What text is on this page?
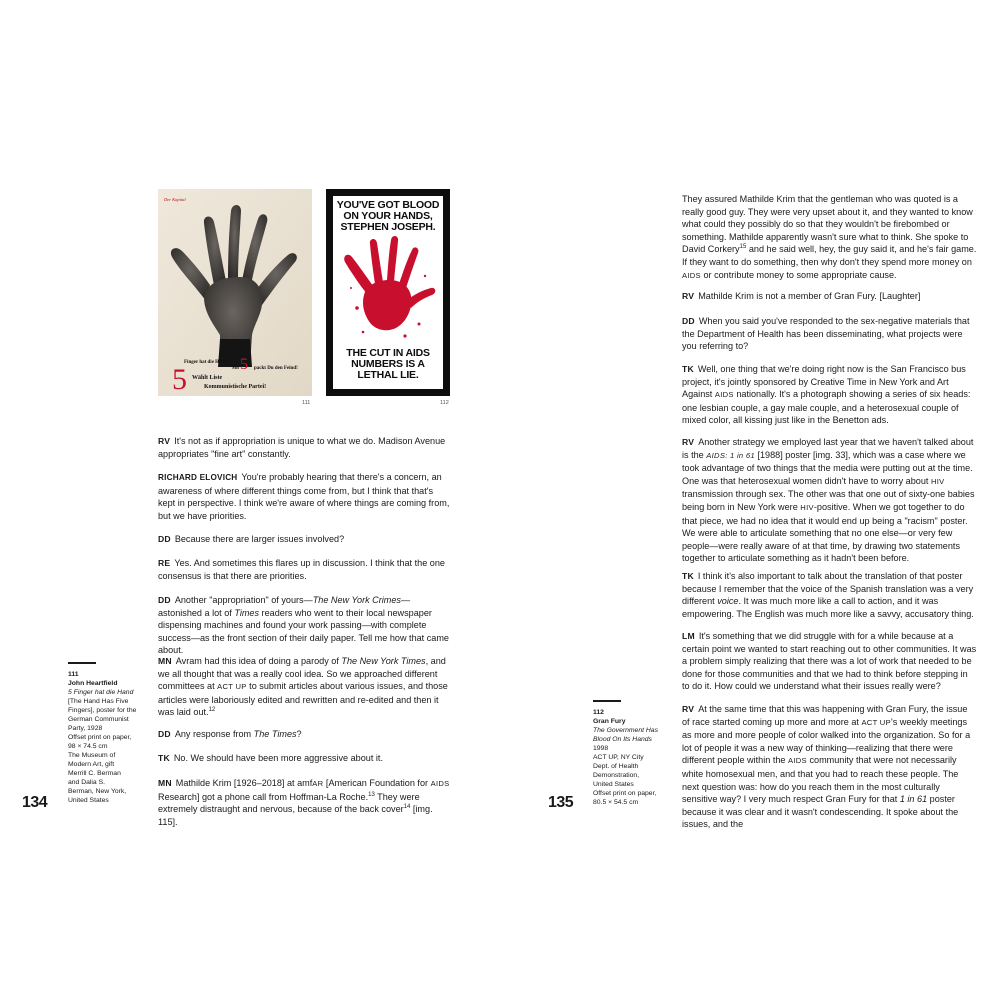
Der Kapital
5	5
Finger hat die Hand
Mit	packt Du den Feind!
Wählt Liste
Kommunistische Partei!
111
YOU'VE GOT BLOOD ON YOUR HANDS, STEPHEN JOSEPH.
THE CUT IN AIDS NUMBERS IS A LETHAL LIE.
112
RV It's not as if appropriation is unique to what we do. Madison Avenue appropriates "fine art" constantly.
RICHARD ELOVICH You're probably hearing that there's a concern, an awareness of where different things come from, but I think that that's kept in perspective. I think we're aware of where things are coming from, but we have priorities.
DD Because there are larger issues involved?
RE Yes. And sometimes this flares up in discussion. I think that the one consensus is that there are priorities.
DD Another "appropriation" of yours—The New York Crimes—astonished a lot of Times readers who went to their local newspaper dispensing machines and found your work passing—with complete success—as the front section of their daily paper. Tell me how that came about.
MN Avram had this idea of doing a parody of The New York Times, and we all thought that was a really cool idea. So we approached different committees at ACT UP to submit articles about various issues, and those articles were laboriously edited and rewritten and re-edited and then it was laid out.$^{12}$
DD Any response from The Times?
TK No. We should have been more aggressive about it.
MN Mathilde Krim [1926–2018] at amfAR [American Foundation for AIDS Research] got a phone call from Hoffman-La Roche.$^{13}$ They were extremely distraught and nervous, because of the back cover$^{14}$ [img. 115].
111
John Heartfield
5 Finger hat die Hand
[The Hand Has Five
Fingers], poster for the
German Communist
Party, 1928
Offset print on paper,
98 × 74.5 cm
The Museum of
Modern Art, gift
Merrill C. Berman
and Dalia S.
Berman, New York,
United States
134
They assured Mathilde Krim that the gentleman who was quoted is a really good guy. They were very upset about it, and they wanted to know what could they possibly do so that they wouldn't be firebombed or something. Mathilde apparently wasn't sure what to think. She spoke to David Corkery$^{15}$ and he said well, hey, the guy said it, and he's fair game. If they want to do something, then why don't they spend more money on AIDS or contribute money to some appropriate cause.
RV Mathilde Krim is not a member of Gran Fury. [Laughter]
DD When you said you've responded to the sex-negative materials that the Department of Health has been disseminating, what projects were you referring to?
TK Well, one thing that we're doing right now is the San Francisco bus project, it's jointly sponsored by Creative Time in New York and Art Against AIDS nationally. It's a photograph showing a series of six heads: one lesbian couple, a gay male couple, and a heterosexual couple of mixed color, all kissing just like in the Benetton ads.
RV Another strategy we employed last year that we haven't talked about is the AIDS: 1 in 61 [1988] poster [img. 33], which was a case where we took advantage of two things that the media were putting out at the time. One was that heterosexual women didn't have to worry about HIV transmission through sex. The other was that one out of sixty-one babies being born in New York were HIV-positive. When we got together to do that piece, we had no idea that it would end up being a "racism" poster. We were able to articulate something that no one else—or very few people—were really aware of at that time, by drawing two statements together to articulate something as it hadn't been before.
TK I think it's also important to talk about the translation of that poster because I remember that the voice of the Spanish translation was a very different voice. It was much more like a call to action, and it was empowering. The English was much more like a savvy, accusatory thing.
LM It's something that we did struggle with for a while because at a certain point we wanted to start reaching out to other communities. It was a problem simply realizing that there was a lot of work that needed to be done for those communities and that we had to think before stepping in to do it. How could we understand what their issues really were?
RV At the same time that this was happening with Gran Fury, the issue of race started coming up more and more at ACT UP's weekly meetings as more and more people of color walked into the organization. So for a lot of people it was a new way of thinking—realizing that there were different people within the AIDS community that were not necessarily white homosexual men, and that you had to reach these people. The next question was: how do you reach them in the most culturally sensitive way? I very much respect Gran Fury for that 1 in 61 poster because it was clear and it wasn't condescending. It spoke about the issues, and the
112
Gran Fury
The Government Has Blood On Its Hands
1998
ACT UP, NY City
Dept. of Health
Demonstration,
United States
Offset print on paper,
80.5 × 54.5 cm
135
